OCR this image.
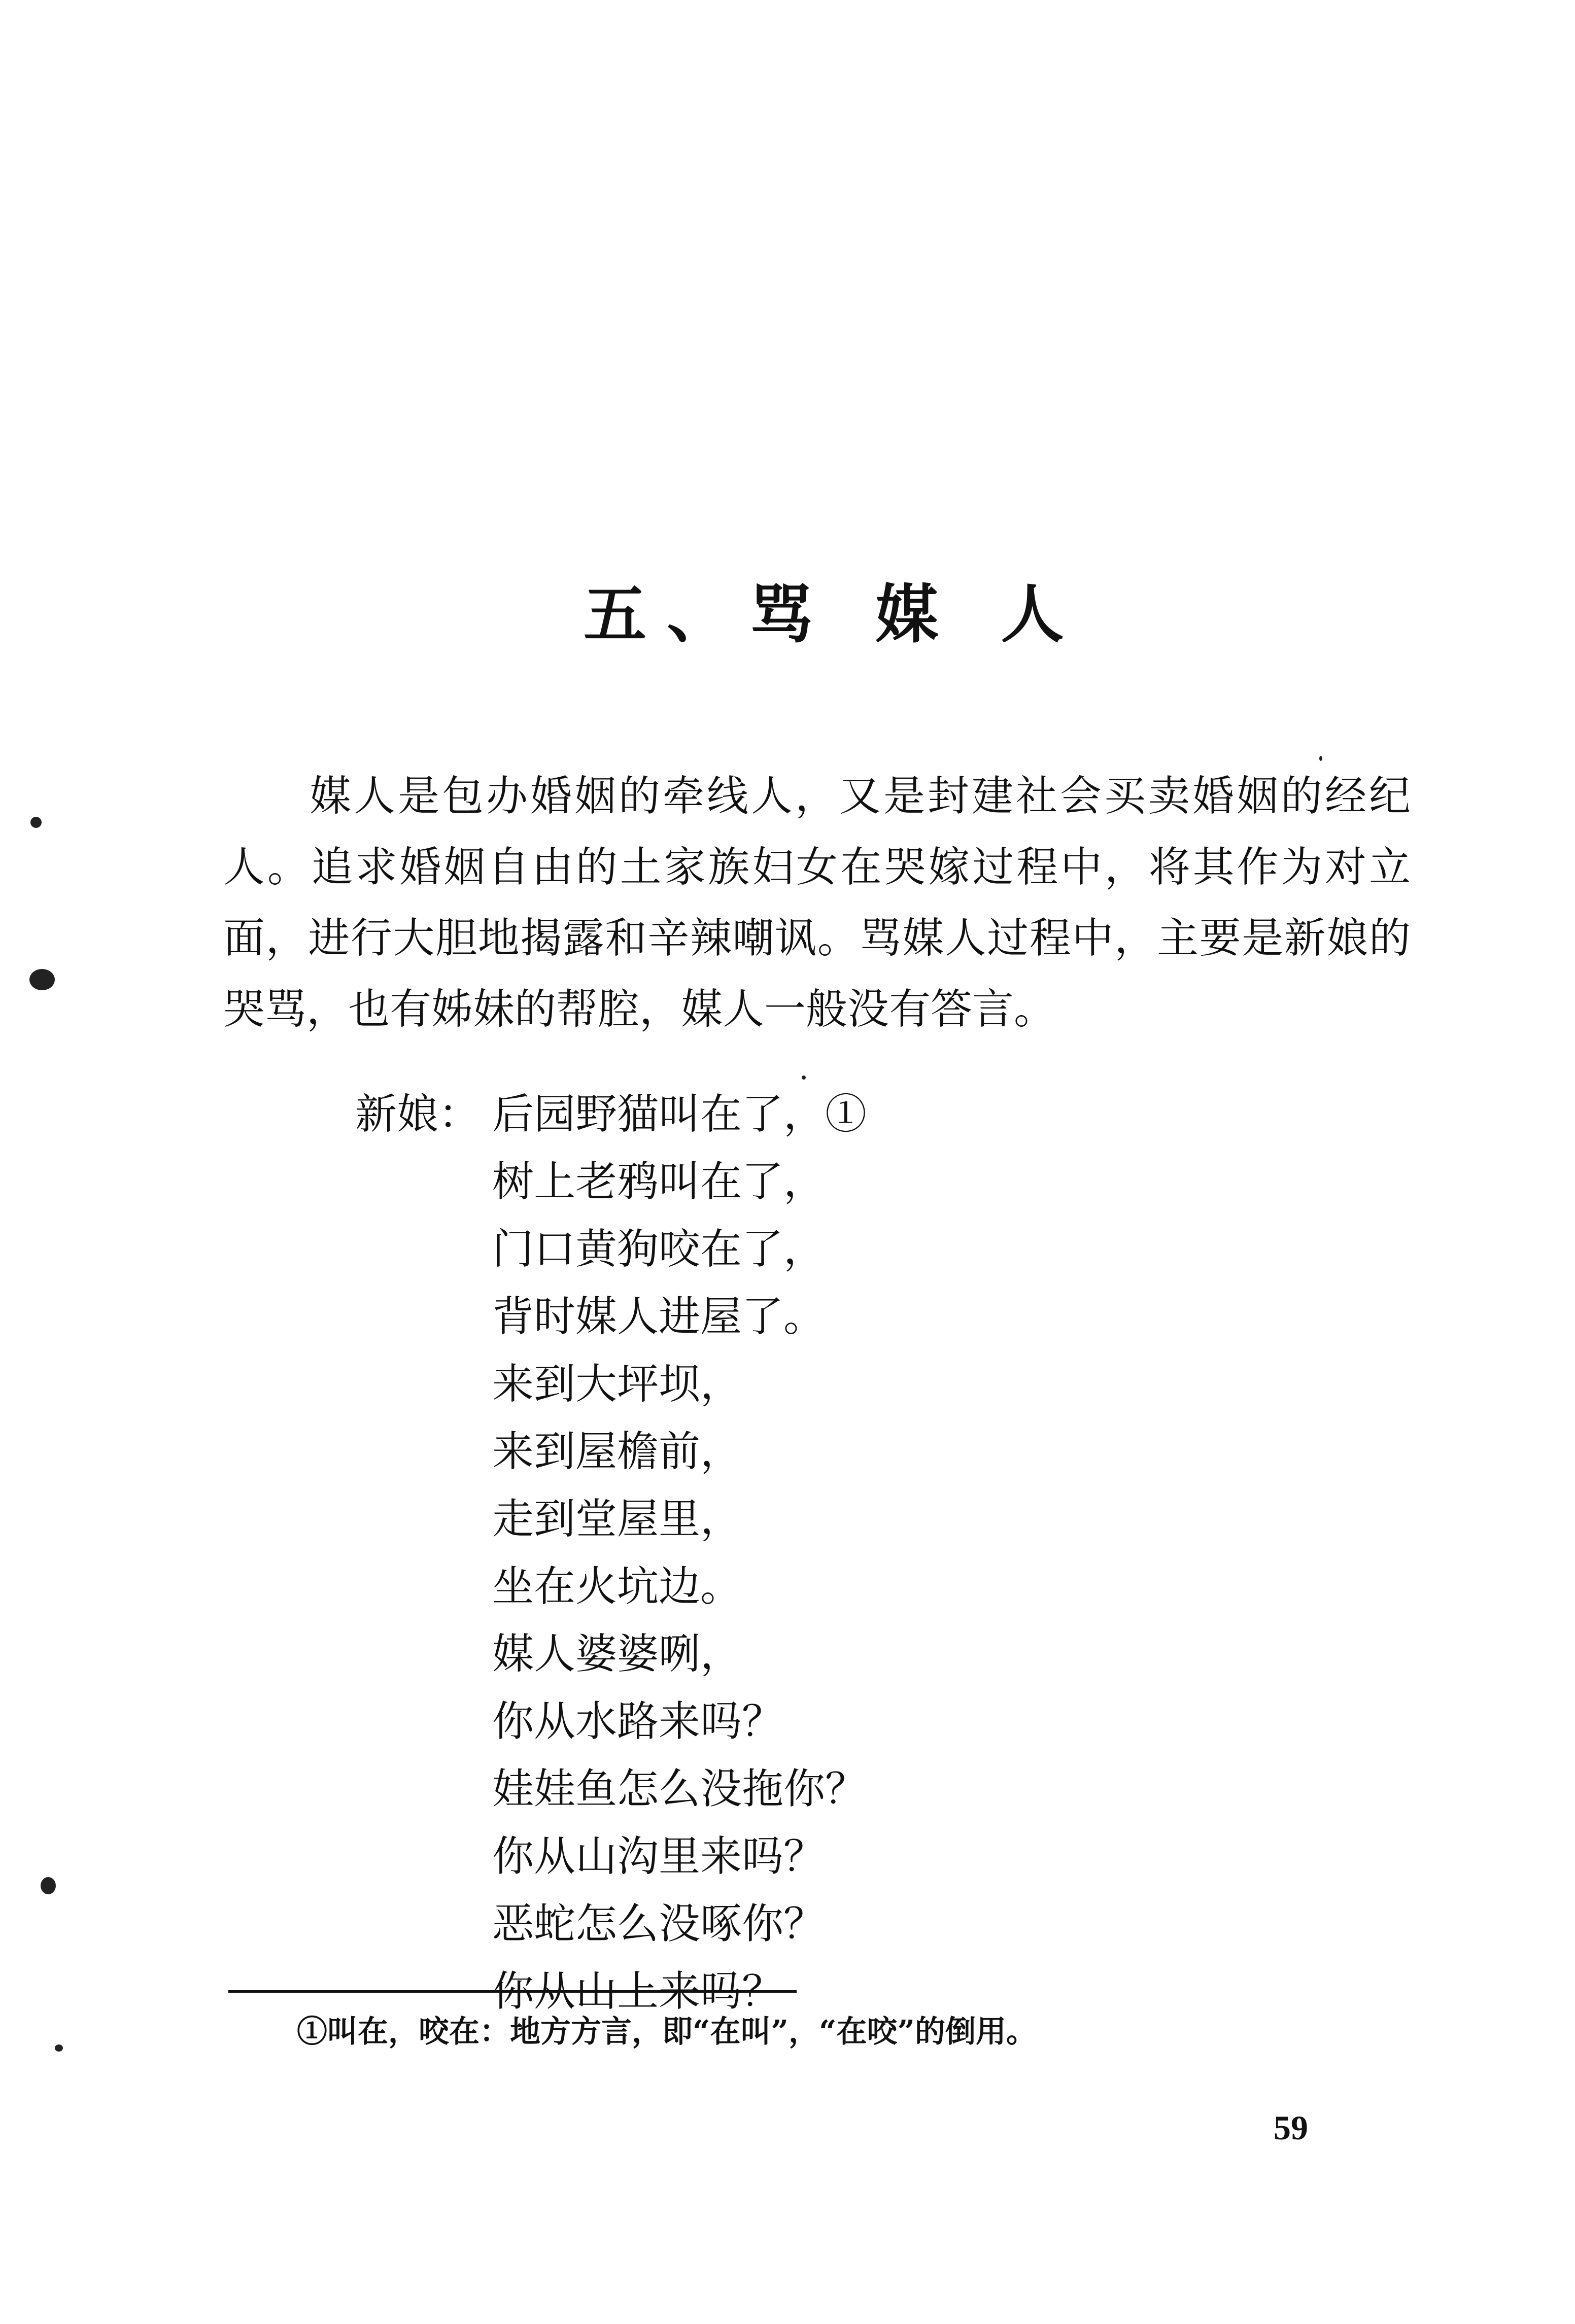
五、骂 媒 人

媒人是包办婚姻的牵线人，又是封建社会买卖婚姻的经纪人。追求婚姻自由的土家族妇女在哭嫁过程中，将其作为对立面，进行大胆地揭露和辛辣嘲讽。骂媒人过程中，主要是新娘的哭骂，也有姊妹的帮腔，媒人一般没有答言。

新娘： 后园野猫叫在了，①
树上老鸦叫在了，
门口黄狗咬在了，
背时媒人进屋了。
来到大坪坝，
来到屋檐前，
走到堂屋里，
坐在火坑边。
媒人婆婆咧，
你从水路来吗？
娃娃鱼怎么没拖你？
你从山沟里来吗？
恶蛇怎么没啄你？
你从山上来吗？
①叫在，咬在：地方方言，即“在叫”，“在咬”的倒用。
59
